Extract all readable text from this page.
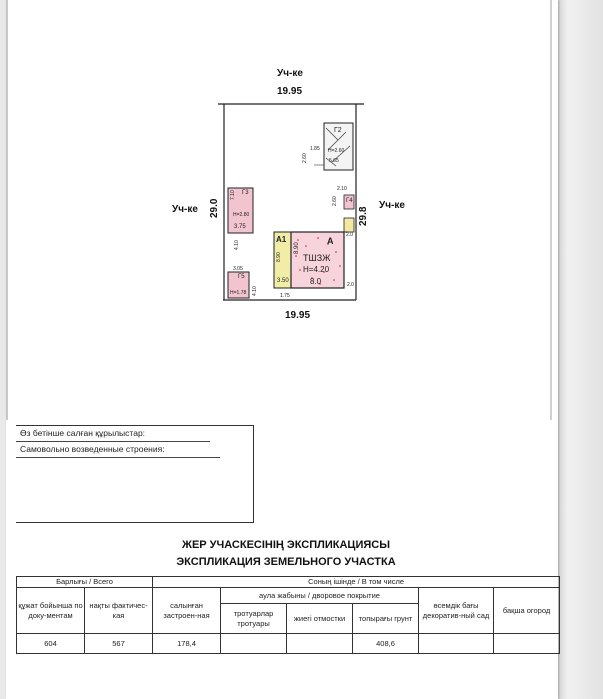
Уч-ке
19.95
Уч-ке 29.0	29.8
Уч-ке
19.95
Г2
Н=2.60
5.65
1.85
2.60
7.10 Г3
Н=2.80
3.75
4.10
3.05
Г5
Н=1.78 4.10
2.10
2.60 Г4
2.0
А1
8.90
3.50
1.75
А
8.90
ТШЗЖ
Н=4.20
8.0	2.0
Өз бетінше салған құрылыстар:
Самовольно возведенные строения:
ЖЕР УЧАСКЕСІНІҢ ЭКСПЛИКАЦИЯСЫ
ЭКСПЛИКАЦИЯ ЗЕМЕЛЬНОГО УЧАСТКА
Барлығы / Всего		Соның ішінде / В том числе					
құжат бойынша по доку-ментам	нақты фактичес-кая	салынған застроен-ная	аула жабыны / дворовое покрытие			өсемдік бағы декоратив-ный сад	бақша огород
			тротуарлар тротуары	жиегі отмостки	топырағы грунт		
604	567	178,4			408,6		
